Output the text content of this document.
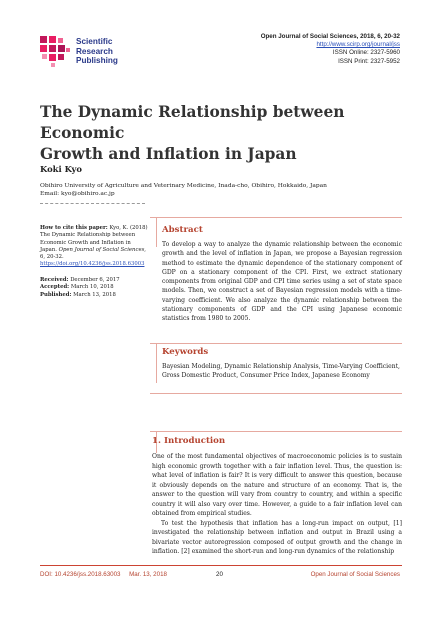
Scientific
Research
Publishing
Open Journal of Social Sciences, 2018, 6, 20-32
http://www.scirp.org/journal/jss
ISSN Online: 2327-5960
ISSN Print: 2327-5952
The Dynamic Relationship between Economic
Growth and Inflation in Japan
Koki Kyo
Obihiro University of Agriculture and Veterinary Medicine, Inada-cho, Obihiro, Hokkaido, Japan
Email: kyo@obihiro.ac.jp
How to cite this paper: Kyo, K. (2018) The Dynamic Relationship between Economic Growth and Inflation in Japan. Open Journal of Social Sciences, 6, 20-32. https://doi.org/10.4236/jss.2018.63003
Received: December 6, 2017
Accepted: March 10, 2018
Published: March 13, 2018
Abstract
To develop a way to analyze the dynamic relationship between the economic growth and the level of inflation in Japan, we propose a Bayesian regression method to estimate the dynamic dependence of the stationary component of GDP on a stationary component of the CPI. First, we extract stationary components from original GDP and CPI time series using a set of state space models. Then, we construct a set of Bayesian regression models with a time-varying coefficient. We also analyze the dynamic relationship between the stationary components of GDP and the CPI using Japanese economic statistics from 1980 to 2005.
Keywords
Bayesian Modeling, Dynamic Relationship Analysis, Time-Varying Coefficient, Gross Domestic Product, Consumer Price Index, Japanese Economy
1. Introduction

One of the most fundamental objectives of macroeconomic policies is to sustain high economic growth together with a fair inflation level. Thus, the question is: what level of inflation is fair? It is very difficult to answer this question, because it obviously depends on the nature and structure of an economy. That is, the answer to the question will vary from country to country, and within a specific country it will also vary over time. However, a guide to a fair inflation level can obtained from empirical studies.

To test the hypothesis that inflation has a long-run impact on output, [1] investigated the relationship between inflation and output in Brazil using a bivariate vector autoregression composed of output growth and the change in inflation. [2] examined the short-run and long-run dynamics of the relationship

DOI: 10.4236/jss.2018.63003 Mar. 13, 2018	20	Open Journal of Social Sciences
